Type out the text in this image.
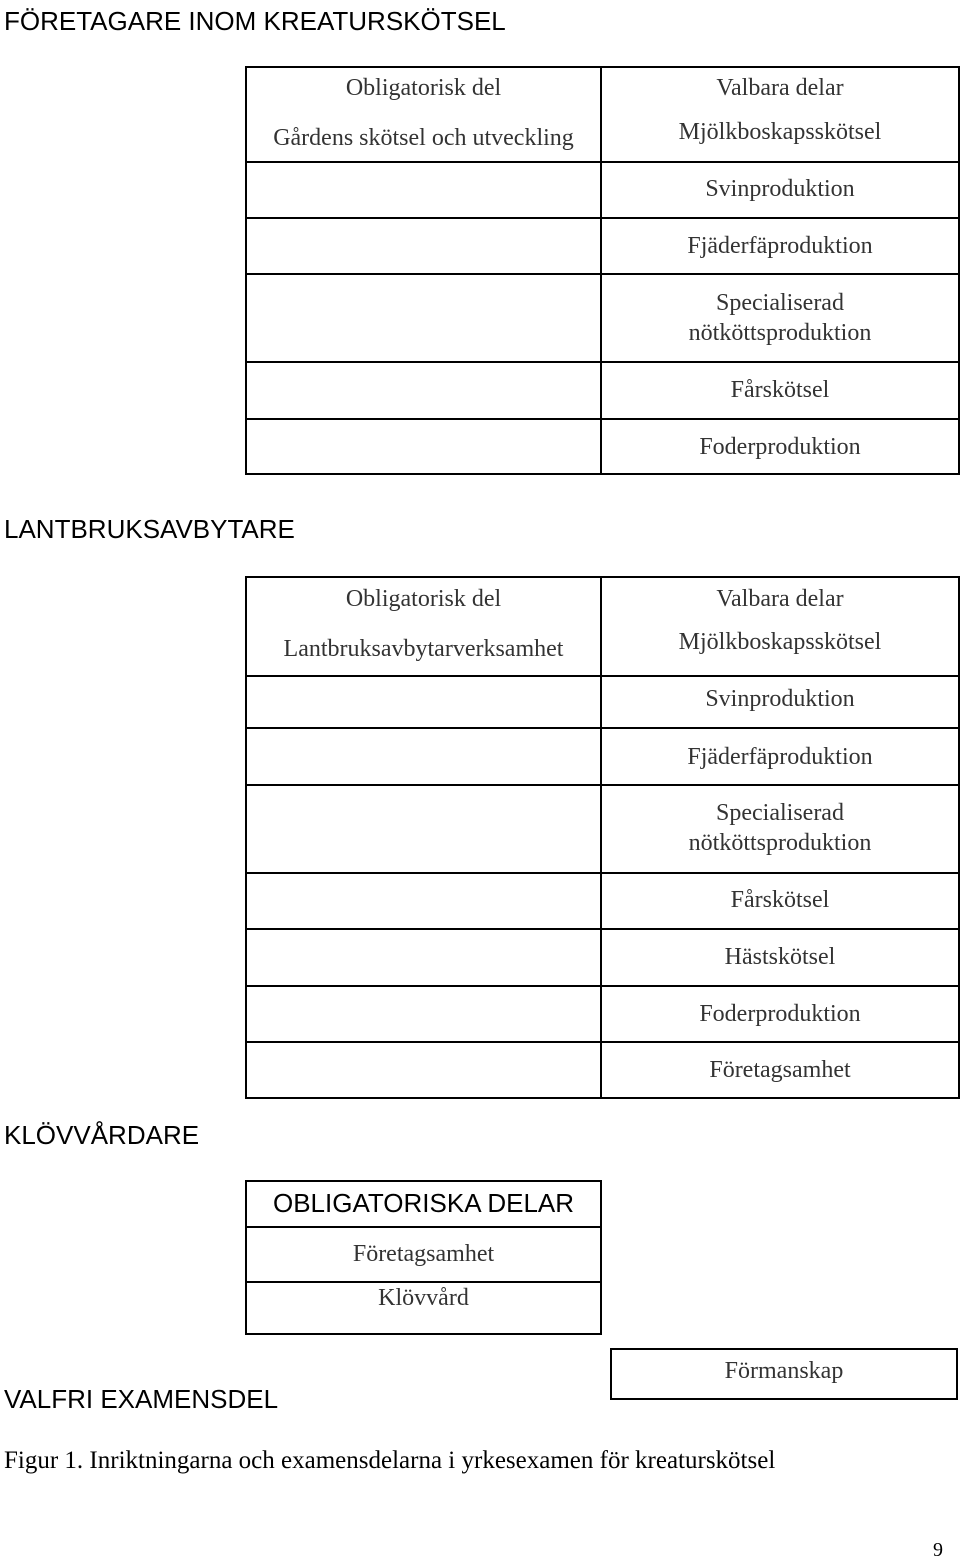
FÖRETAGARE INOM KREATURSKÖTSEL
Obligatorisk del
Gårdens skötsel och utveckling
Valbara delar
Mjölkboskapsskötsel
Svinproduktion
Fjäderfäproduktion
Specialiserad
nötköttsproduktion
Fårskötsel
Foderproduktion
LANTBRUKSAVBYTARE
Obligatorisk del
Lantbruksavbytarverksamhet
Valbara delar
Mjölkboskapsskötsel
Svinproduktion
Fjäderfäproduktion
Specialiserad
nötköttsproduktion
Fårskötsel
Hästskötsel
Foderproduktion
Företagsamhet
KLÖVVÅRDARE
OBLIGATORISKA DELAR
Företagsamhet
Klövvård
VALFRI EXAMENSDEL
Förmanskap
Figur 1. Inriktningarna och examensdelarna i yrkesexamen för kreaturskötsel
9
